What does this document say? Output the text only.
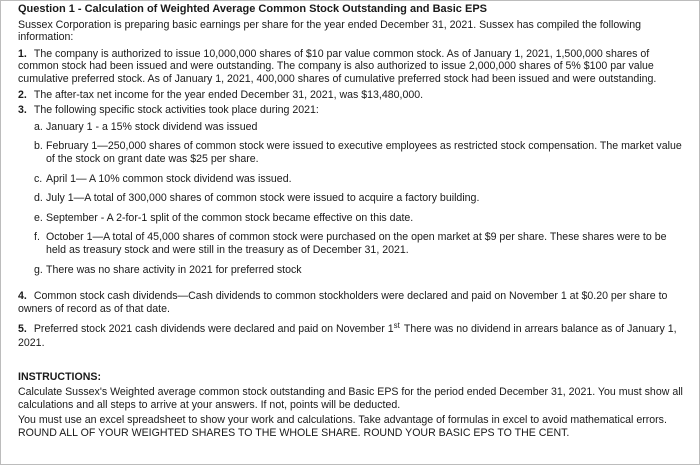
Question 1 - Calculation of Weighted Average Common Stock Outstanding and Basic EPS

Sussex Corporation is preparing basic earnings per share for the year ended December 31, 2021. Sussex has compiled the following information:

1. The company is authorized to issue 10,000,000 shares of $10 par value common stock. As of January 1, 2021, 1,500,000 shares of common stock had been issued and were outstanding. The company is also authorized to issue 2,000,000 shares of 5% $100 par value cumulative preferred stock. As of January 1, 2021, 400,000 shares of cumulative preferred stock had been issued and were outstanding.

2. The after-tax net income for the year ended December 31, 2021, was $13,480,000.

3. The following specific stock activities took place during 2021:

a. January 1 - a 15% stock dividend was issued
b. February 1—250,000 shares of common stock were issued to executive employees as restricted stock compensation. The market value of the stock on grant date was $25 per share.
c. April 1— A 10% common stock dividend was issued.
d. July 1—A total of 300,000 shares of common stock were issued to acquire a factory building.
e. September - A 2-for-1 split of the common stock became effective on this date.
f. October 1—A total of 45,000 shares of common stock were purchased on the open market at $9 per share. These shares were to be held as treasury stock and were still in the treasury as of December 31, 2021.
g. There was no share activity in 2021 for preferred stock

4. Common stock cash dividends—Cash dividends to common stockholders were declared and paid on November 1 at $0.20 per share to owners of record as of that date.

5. Preferred stock 2021 cash dividends were declared and paid on November 1st There was no dividend in arrears balance as of January 1, 2021.

INSTRUCTIONS:

Calculate Sussex's Weighted average common stock outstanding and Basic EPS for the period ended December 31, 2021. You must show all calculations and all steps to arrive at your answers. If not, points will be deducted.

You must use an excel spreadsheet to show your work and calculations. Take advantage of formulas in excel to avoid mathematical errors. ROUND ALL OF YOUR WEIGHTED SHARES TO THE WHOLE SHARE. ROUND YOUR BASIC EPS TO THE CENT.
